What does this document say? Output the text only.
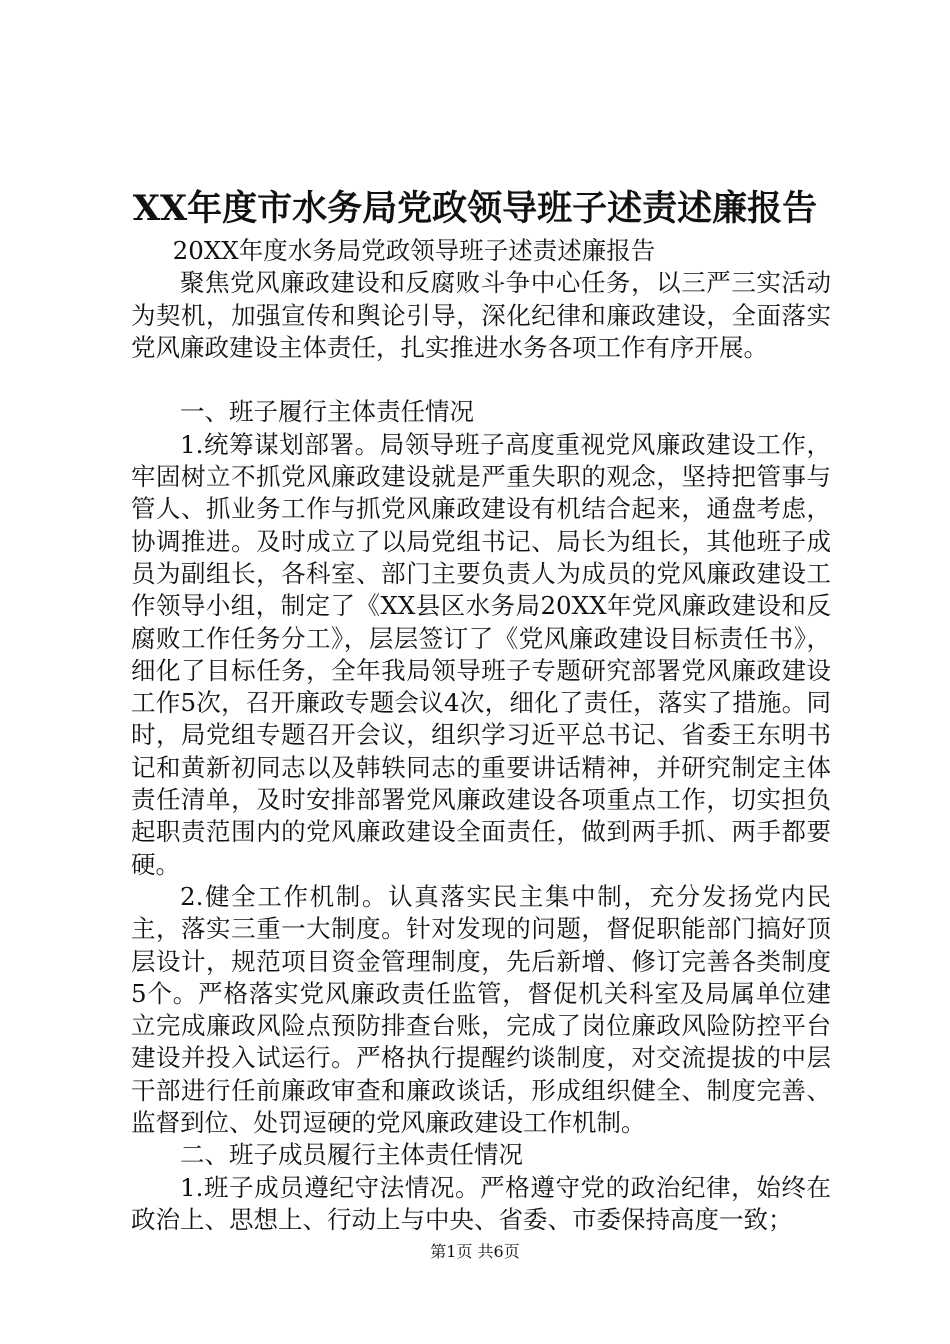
XX年度市水务局党政领导班子述责述廉报告

20XX年度水务局党政领导班子述责述廉报告

聚焦党风廉政建设和反腐败斗争中心任务，以三严三实活动为契机，加强宣传和舆论引导，深化纪律和廉政建设，全面落实党风廉政建设主体责任，扎实推进水务各项工作有序开展。

一、班子履行主体责任情况

1.统筹谋划部署。局领导班子高度重视党风廉政建设工作，牢固树立不抓党风廉政建设就是严重失职的观念，坚持把管事与管人、抓业务工作与抓党风廉政建设有机结合起来，通盘考虑，协调推进。及时成立了以局党组书记、局长为组长，其他班子成员为副组长，各科室、部门主要负责人为成员的党风廉政建设工作领导小组，制定了《XX县区水务局20XX年党风廉政建设和反腐败工作任务分工》，层层签订了《党风廉政建设目标责任书》，细化了目标任务，全年我局领导班子专题研究部署党风廉政建设工作5次，召开廉政专题会议4次，细化了责任，落实了措施。同时，局党组专题召开会议，组织学习近平总书记、省委王东明书记和黄新初同志以及韩轶同志的重要讲话精神，并研究制定主体责任清单，及时安排部署党风廉政建设各项重点工作，切实担负起职责范围内的党风廉政建设全面责任，做到两手抓、两手都要硬。

2.健全工作机制。认真落实民主集中制，充分发扬党内民主，落实三重一大制度。针对发现的问题，督促职能部门搞好顶层设计，规范项目资金管理制度，先后新增、修订完善各类制度5个。严格落实党风廉政责任监管，督促机关科室及局属单位建立完成廉政风险点预防排查台账，完成了岗位廉政风险防控平台建设并投入试运行。严格执行提醒约谈制度，对交流提拔的中层干部进行任前廉政审查和廉政谈话，形成组织健全、制度完善、监督到位、处罚逗硬的党风廉政建设工作机制。

二、班子成员履行主体责任情况

1.班子成员遵纪守法情况。严格遵守党的政治纪律，始终在政治上、思想上、行动上与中央、省委、市委保持高度一致；

第1页 共6页
